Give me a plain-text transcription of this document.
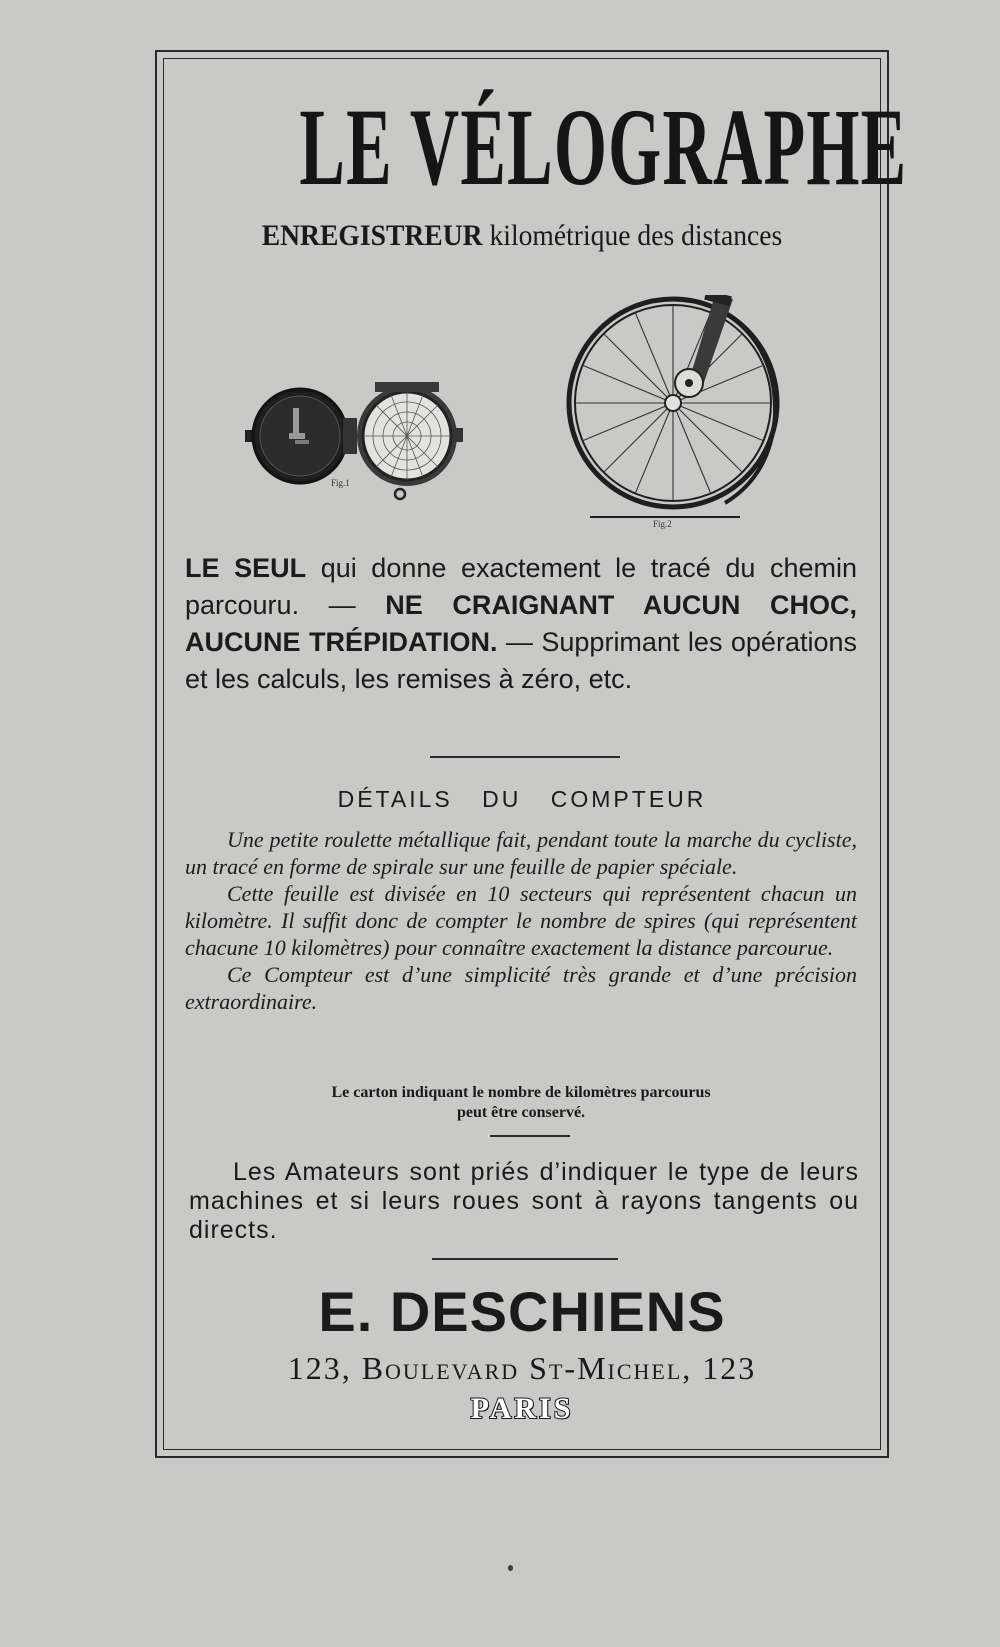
LE VÉLOGRAPHE
ENREGISTREUR kilométrique des distances
Fig.1
Fig.2
LE SEUL qui donne exactement le tracé du chemin parcouru. — NE CRAIGNANT AUCUN CHOC, AUCUNE TRÉPIDATION. — Supprimant les opérations et les calculs, les remises à zéro, etc.
DÉTAILS DU COMPTEUR

Une petite roulette métallique fait, pendant toute la marche du cycliste, un tracé en forme de spirale sur une feuille de papier spéciale.

Cette feuille est divisée en 10 secteurs qui représentent chacun un kilomètre. Il suffit donc de compter le nombre de spires (qui représentent chacune 10 kilomètres) pour connaître exactement la distance parcourue.

Ce Compteur est d’une simplicité très grande et d’une précision extraordinaire.

Le carton indiquant le nombre de kilomètres parcourus
peut être conservé.
Les Amateurs sont priés d’indiquer le type de leurs machines et si leurs roues sont à rayons tangents ou directs.
E. DESCHIENS
123, Boulevard St-Michel, 123
PARIS
